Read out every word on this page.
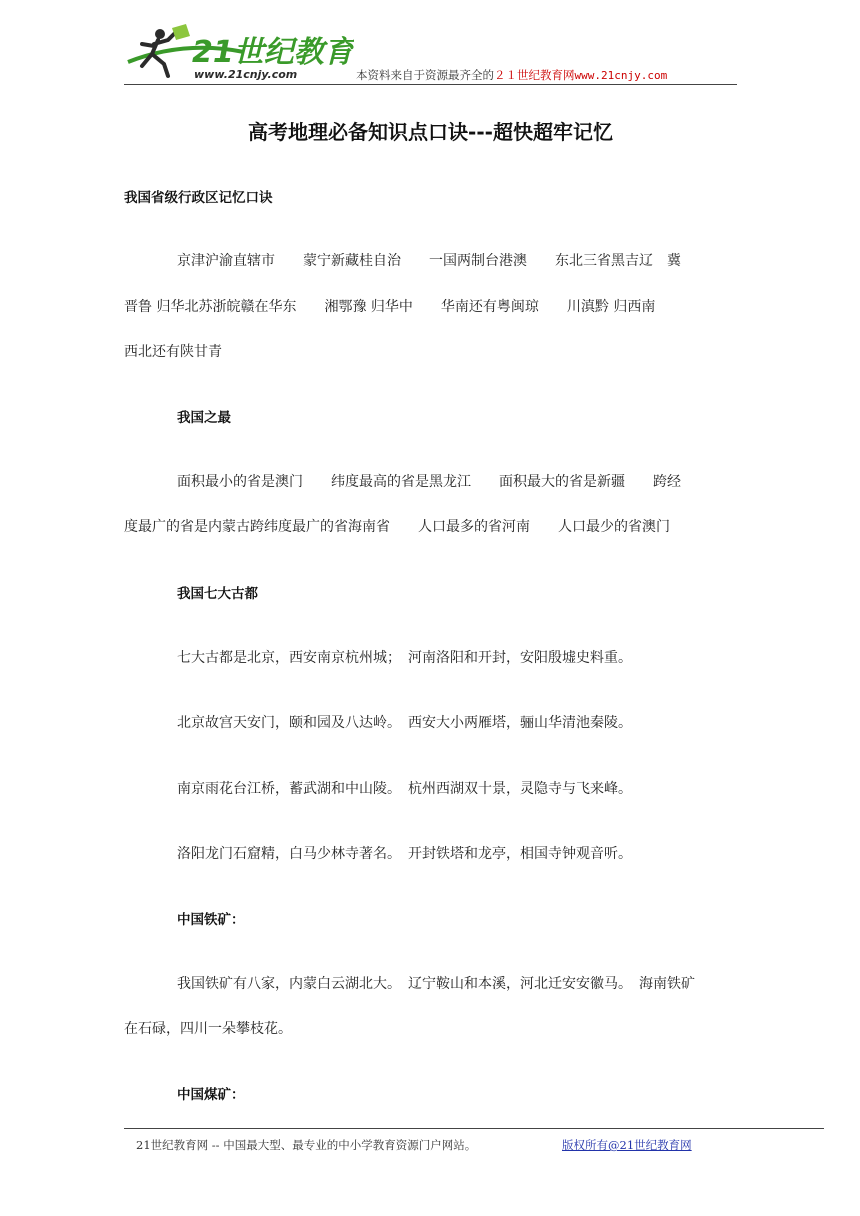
21世纪教育
www.21cnjy.com	本资料来自于资源最齐全的２１世纪教育网www.21cnjy.com
高考地理必备知识点口诀---超快超牢记忆
我国省级行政区记忆口诀
京津沪渝直辖市　　蒙宁新藏桂自治　　一国两制台港澳　　东北三省黑吉辽　冀
晋鲁 归华北苏浙皖赣在华东　　湘鄂豫 归华中　　华南还有粤闽琼　　川滇黔 归西南
西北还有陕甘青
我国之最
面积最小的省是澳门　　纬度最高的省是黑龙江　　面积最大的省是新疆　　跨经
度最广的省是内蒙古跨纬度最广的省海南省　　人口最多的省河南　　人口最少的省澳门
我国七大古都
七大古都是北京，西安南京杭州城；　河南洛阳和开封，安阳殷墟史料重。
北京故宫天安门，颐和园及八达岭。　西安大小两雁塔，骊山华清池秦陵。
南京雨花台江桥，蓄武湖和中山陵。　杭州西湖双十景，灵隐寺与飞来峰。
洛阳龙门石窟精，白马少林寺著名。　开封铁塔和龙亭，相国寺钟观音听。
中国铁矿：
我国铁矿有八家，内蒙白云湖北大。　辽宁鞍山和本溪，河北迁安安徽马。　海南铁矿
在石碌，四川一朵攀枝花。
中国煤矿：
21世纪教育网 -- 中国最大型、最专业的中小学教育资源门户网站。	版权所有@21世纪教育网
